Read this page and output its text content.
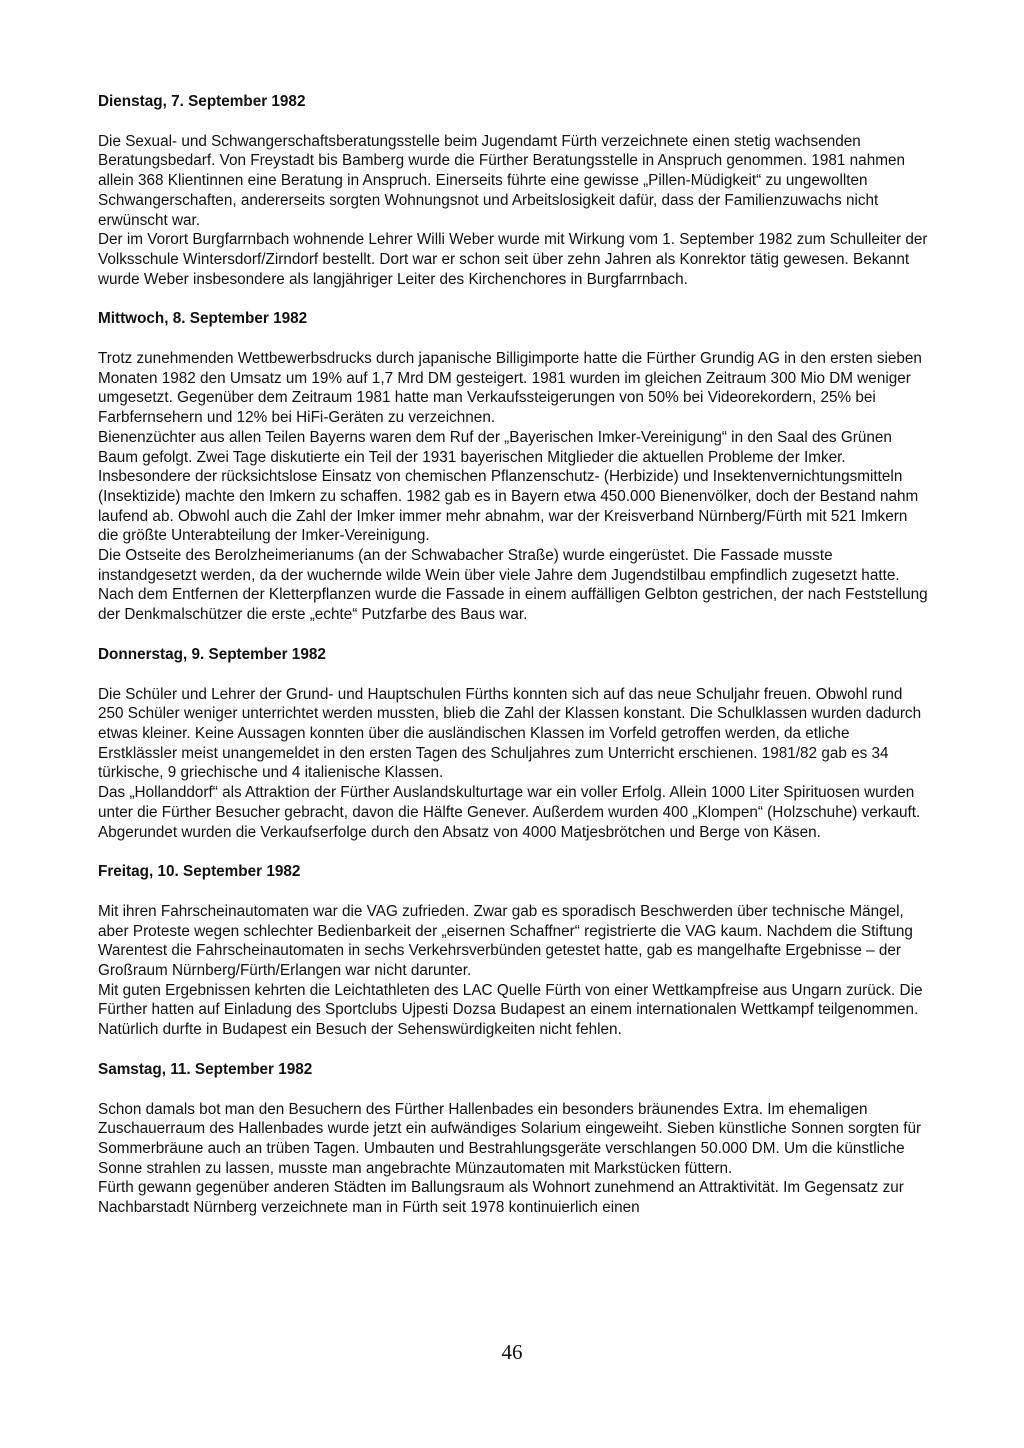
Dienstag, 7. September 1982

Die Sexual- und Schwangerschaftsberatungsstelle beim Jugendamt Fürth verzeichnete einen stetig wachsenden Beratungsbedarf. Von Freystadt bis Bamberg wurde die Fürther Beratungsstelle in Anspruch genommen. 1981 nahmen allein 368 Klientinnen eine Beratung in Anspruch. Einerseits führte eine gewisse „Pillen-Müdigkeit“ zu ungewollten Schwangerschaften, andererseits sorgten Wohnungsnot und Arbeitslosigkeit dafür, dass der Familienzuwachs nicht erwünscht war.

Der im Vorort Burgfarrnbach wohnende Lehrer Willi Weber wurde mit Wirkung vom 1. September 1982 zum Schulleiter der Volksschule Wintersdorf/Zirndorf bestellt. Dort war er schon seit über zehn Jahren als Konrektor tätig gewesen. Bekannt wurde Weber insbesondere als langjähriger Leiter des Kirchenchores in Burgfarrnbach.

Mittwoch, 8. September 1982

Trotz zunehmenden Wettbewerbsdrucks durch japanische Billigimporte hatte die Fürther Grundig AG in den ersten sieben Monaten 1982 den Umsatz um 19% auf 1,7 Mrd DM gesteigert. 1981 wurden im gleichen Zeitraum 300 Mio DM weniger umgesetzt. Gegenüber dem Zeitraum 1981 hatte man Verkaufssteigerungen von 50% bei Videorekordern, 25% bei Farbfernsehern und 12% bei HiFi-Geräten zu verzeichnen.

Bienenzüchter aus allen Teilen Bayerns waren dem Ruf der „Bayerischen Imker-Vereinigung“ in den Saal des Grünen Baum gefolgt. Zwei Tage diskutierte ein Teil der 1931 bayerischen Mitglieder die aktuellen Probleme der Imker. Insbesondere der rücksichtslose Einsatz von chemischen Pflanzenschutz- (Herbizide) und Insektenvernichtungsmitteln (Insektizide) machte den Imkern zu schaffen. 1982 gab es in Bayern etwa 450.000 Bienenvölker, doch der Bestand nahm laufend ab. Obwohl auch die Zahl der Imker immer mehr abnahm, war der Kreisverband Nürnberg/Fürth mit 521 Imkern die größte Unterabteilung der Imker-Vereinigung.

Die Ostseite des Berolzheimerianums (an der Schwabacher Straße) wurde eingerüstet. Die Fassade musste instandgesetzt werden, da der wuchernde wilde Wein über viele Jahre dem Jugendstilbau empfindlich zugesetzt hatte. Nach dem Entfernen der Kletterpflanzen wurde die Fassade in einem auffälligen Gelbton gestrichen, der nach Feststellung der Denkmalschützer die erste „echte“ Putzfarbe des Baus war.

Donnerstag, 9. September 1982

Die Schüler und Lehrer der Grund- und Hauptschulen Fürths konnten sich auf das neue Schuljahr freuen. Obwohl rund 250 Schüler weniger unterrichtet werden mussten, blieb die Zahl der Klassen konstant. Die Schulklassen wurden dadurch etwas kleiner. Keine Aussagen konnten über die ausländischen Klassen im Vorfeld getroffen werden, da etliche Erstklässler meist unangemeldet in den ersten Tagen des Schuljahres zum Unterricht erschienen. 1981/82 gab es 34 türkische, 9 griechische und 4 italienische Klassen.

Das „Hollanddorf“ als Attraktion der Fürther Auslandskulturtage war ein voller Erfolg. Allein 1000 Liter Spirituosen wurden unter die Fürther Besucher gebracht, davon die Hälfte Genever. Außerdem wurden 400 „Klompen“ (Holzschuhe) verkauft. Abgerundet wurden die Verkaufserfolge durch den Absatz von 4000 Matjesbrötchen und Berge von Käsen.

Freitag, 10. September 1982

Mit ihren Fahrscheinautomaten war die VAG zufrieden. Zwar gab es sporadisch Beschwerden über technische Mängel, aber Proteste wegen schlechter Bedienbarkeit der „eisernen Schaffner“ registrierte die VAG kaum. Nachdem die Stiftung Warentest die Fahrscheinautomaten in sechs Verkehrsverbünden getestet hatte, gab es mangelhafte Ergebnisse – der Großraum Nürnberg/Fürth/Erlangen war nicht darunter.

Mit guten Ergebnissen kehrten die Leichtathleten des LAC Quelle Fürth von einer Wettkampfreise aus Ungarn zurück. Die Fürther hatten auf Einladung des Sportclubs Ujpesti Dozsa Budapest an einem internationalen Wettkampf teilgenommen. Natürlich durfte in Budapest ein Besuch der Sehenswürdigkeiten nicht fehlen.

Samstag, 11. September 1982

Schon damals bot man den Besuchern des Fürther Hallenbades ein besonders bräunendes Extra. Im ehemaligen Zuschauerraum des Hallenbades wurde jetzt ein aufwändiges Solarium eingeweiht. Sieben künstliche Sonnen sorgten für Sommerbräune auch an trüben Tagen. Umbauten und Bestrahlungsgeräte verschlangen 50.000 DM. Um die künstliche Sonne strahlen zu lassen, musste man angebrachte Münzautomaten mit Markstücken füttern.

Fürth gewann gegenüber anderen Städten im Ballungsraum als Wohnort zunehmend an Attraktivität. Im Gegensatz zur Nachbarstadt Nürnberg verzeichnete man in Fürth seit 1978 kontinuierlich einen

46
